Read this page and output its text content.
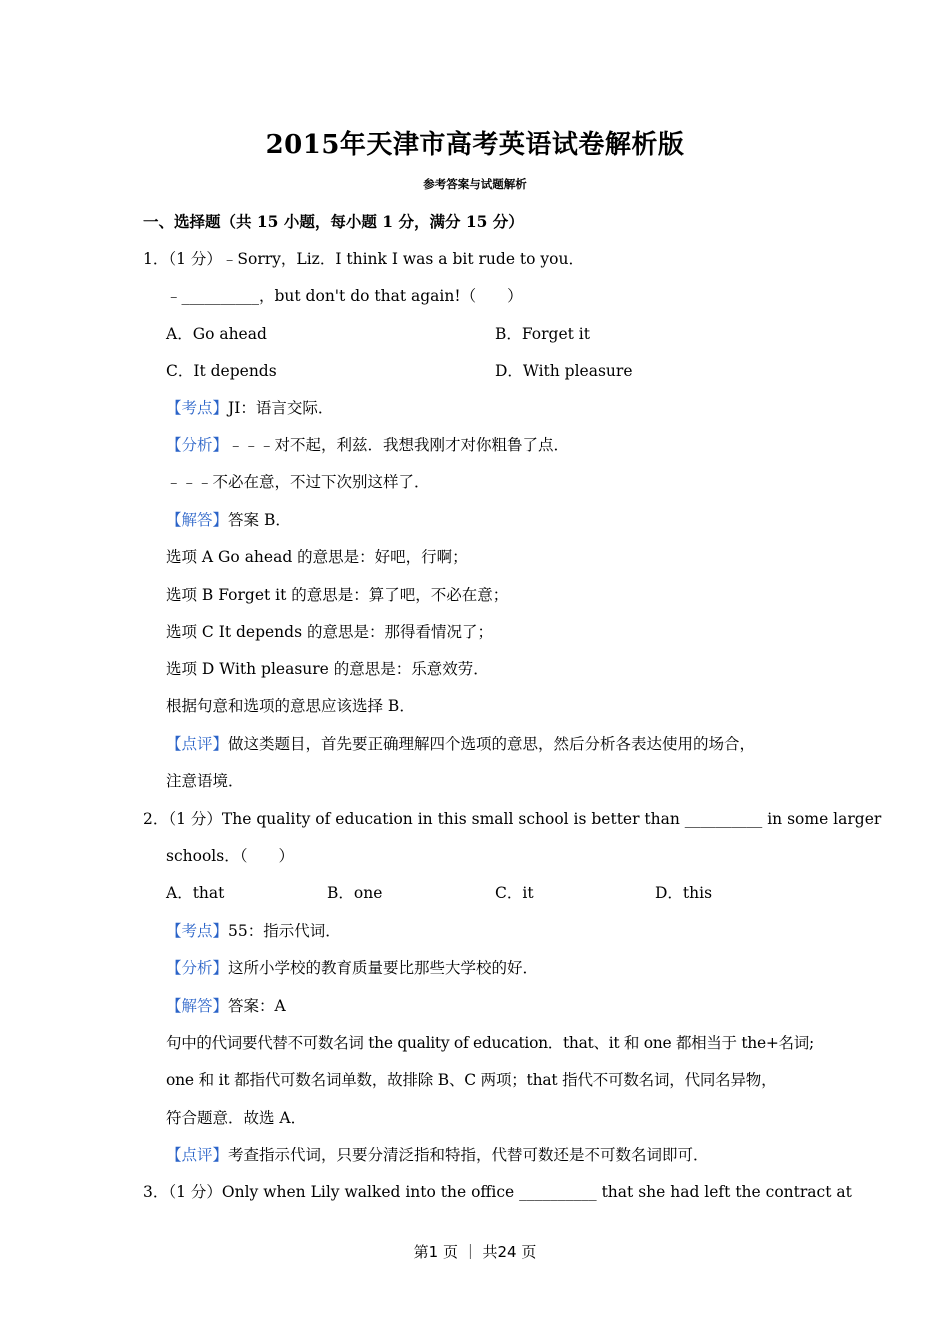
2015年天津市高考英语试卷解析版
参考答案与试题解析
一、选择题（共 15 小题，每小题 1 分，满分 15 分）
1．（1 分）﹣Sorry，Liz．I think I was a bit rude to you．
﹣__________，but don't do that again!（　　）
A．Go ahead	B．Forget it
C．It depends	D．With pleasure
【考点】JI：语言交际．
【分析】﹣﹣﹣对不起，利兹．我想我刚才对你粗鲁了点．
﹣﹣﹣不必在意，不过下次别这样了．
【解答】答案 B．
选项 A Go ahead 的意思是：好吧，行啊；
选项 B Forget it 的意思是：算了吧，不必在意；
选项 C It depends 的意思是：那得看情况了；
选项 D With pleasure 的意思是：乐意效劳．
根据句意和选项的意思应该选择 B．
【点评】做这类题目，首先要正确理解四个选项的意思，然后分析各表达使用的场合，
注意语境．
2．（1 分）The quality of education in this small school is better than __________ in some larger
schools．（　　）
A．that	B．one	C．it	D．this
【考点】55：指示代词．
【分析】这所小学校的教育质量要比那些大学校的好．
【解答】答案：A
句中的代词要代替不可数名词 the quality of education．that、it 和 one 都相当于 the+名词;
one 和 it 都指代可数名词单数，故排除 B、C 两项；that 指代不可数名词，代同名异物，
符合题意．故选 A．
【点评】考查指示代词，只要分清泛指和特指，代替可数还是不可数名词即可．
3．（1 分）Only when Lily walked into the office __________ that she had left the contract at
第1 页 ｜ 共24 页
